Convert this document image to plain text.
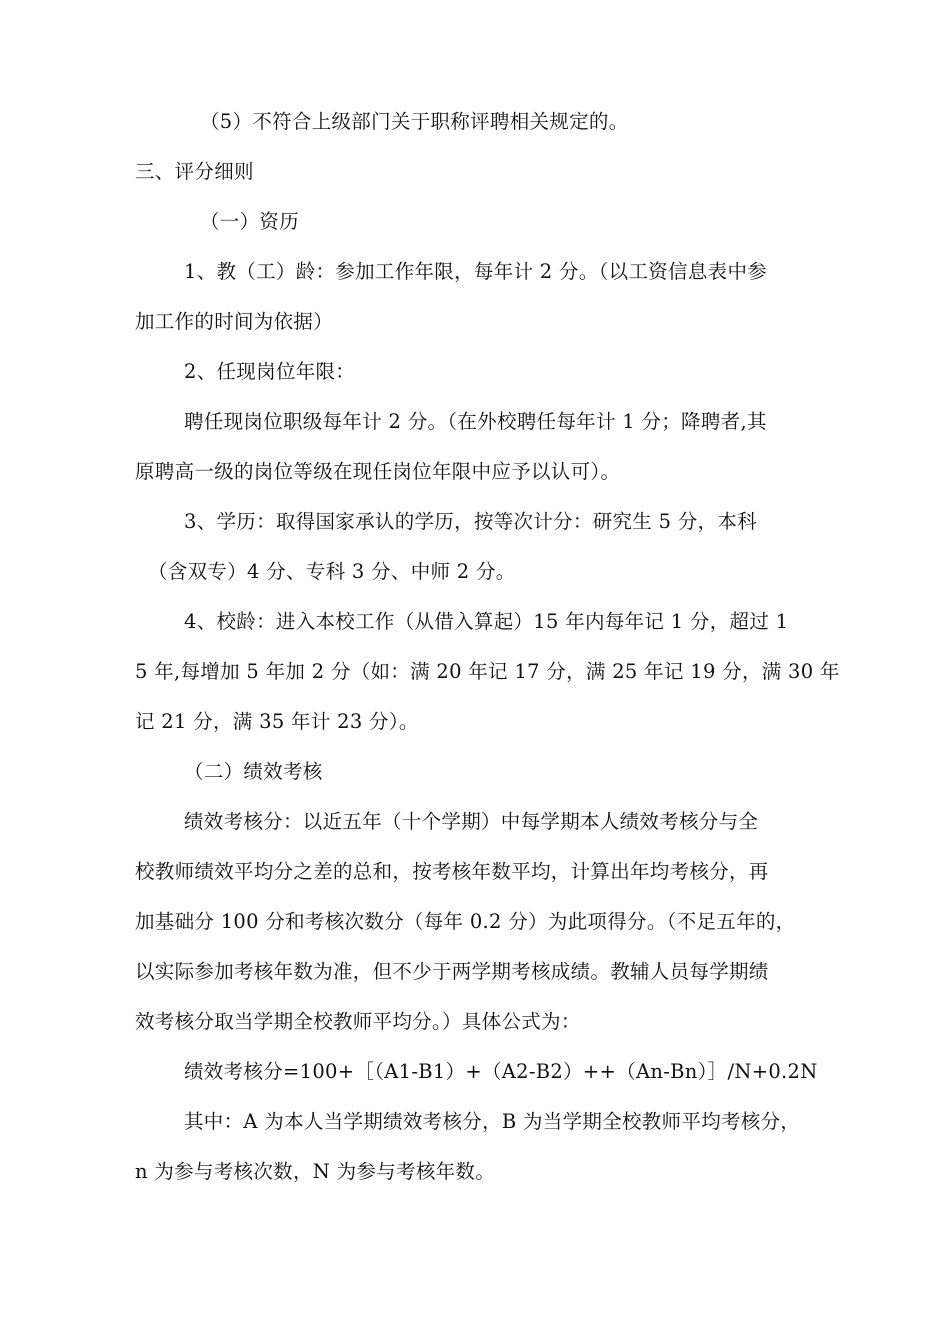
（5）不符合上级部门关于职称评聘相关规定的。
三、评分细则
（一）资历
1、教（工）龄：参加工作年限，每年计 2 分。（以工资信息表中参
加工作的时间为依据）
2、任现岗位年限：
聘任现岗位职级每年计 2 分。（在外校聘任每年计 1 分；降聘者,其
原聘高一级的岗位等级在现任岗位年限中应予以认可）。
3、学历：取得国家承认的学历，按等次计分：研究生 5 分，本科
（含双专）4 分、专科 3 分、中师 2 分。
4、校龄：进入本校工作（从借入算起）15 年内每年记 1 分，超过 1
5 年,每增加 5 年加 2 分（如：满 20 年记 17 分，满 25 年记 19 分，满 30 年
记 21 分，满 35 年计 23 分）。
（二）绩效考核
绩效考核分：以近五年（十个学期）中每学期本人绩效考核分与全
校教师绩效平均分之差的总和，按考核年数平均，计算出年均考核分，再
加基础分 100 分和考核次数分（每年 0.2 分）为此项得分。（不足五年的，
以实际参加考核年数为准，但不少于两学期考核成绩。教辅人员每学期绩
效考核分取当学期全校教师平均分。）具体公式为：
绩效考核分=100+［（A1-B1）+（A2-B2）++（An-Bn）］/N+0.2N
其中：A 为本人当学期绩效考核分，B 为当学期全校教师平均考核分，
n 为参与考核次数，N 为参与考核年数。
